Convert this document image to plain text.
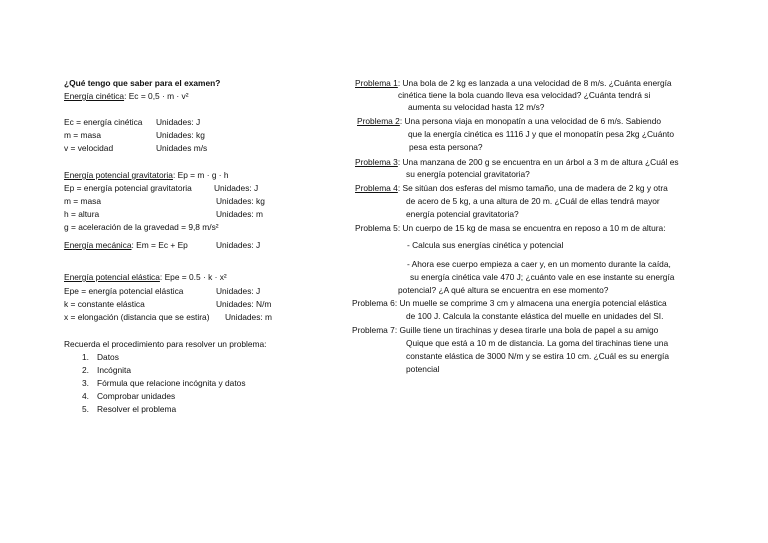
¿Qué tengo que saber para el examen?
Energía cinética: Ec = 0,5 · m · v²
Ec = energía cinética Unidades: J
m = masa	Unidades: kg
v = velocidad	Unidades m/s
Energía potencial gravitatoria: Ep = m · g · h
Ep = energía potencial gravitatoria	Unidades: J
m = masa	Unidades: kg
h = altura	Unidades: m
g = aceleración de la gravedad = 9,8 m/s²
Energía mecánica: Em = Ec + Ep	Unidades: J
Energía potencial elástica: Epe = 0.5 · k · x²
Epe = energía potencial elástica	Unidades: J
k = constante elástica	Unidades: N/m
x = elongación (distancia que se estira) Unidades: m
Recuerda el procedimiento para resolver un problema:
1. Datos
2. Incógnita
3. Fórmula que relacione incógnita y datos
4. Comprobar unidades
5. Resolver el problema
Problema 1: Una bola de 2 kg es lanzada a una velocidad de 8 m/s. ¿Cuánta energía
cinética tiene la bola cuando lleva esa velocidad? ¿Cuánta tendrá si
aumenta su velocidad hasta 12 m/s?
Problema 2: Una persona viaja en monopatín a una velocidad de 6 m/s. Sabiendo
que la energía cinética es 1116 J y que el monopatín pesa 2kg ¿Cuánto
pesa esta persona?
Problema 3: Una manzana de 200 g se encuentra en un árbol a 3 m de altura ¿Cuál es
su energía potencial gravitatoria?
Problema 4: Se sitúan dos esferas del mismo tamaño, una de madera de 2 kg y otra
de acero de 5 kg, a una altura de 20 m. ¿Cuál de ellas tendrá mayor
energía potencial gravitatoria?
Problema 5: Un cuerpo de 15 kg de masa se encuentra en reposo a 10 m de altura:
- Calcula sus energías cinética y potencial
- Ahora ese cuerpo empieza a caer y, en un momento durante la caída,
su energía cinética vale 470 J; ¿cuánto vale en ese instante su energía
potencial? ¿A qué altura se encuentra en ese momento?
Problema 6: Un muelle se comprime 3 cm y almacena una energía potencial elástica
de 100 J. Calcula la constante elástica del muelle en unidades del SI.
Problema 7: Guille tiene un tirachinas y desea tirarle una bola de papel a su amigo
Quique que está a 10 m de distancia. La goma del tirachinas tiene una
constante elástica de 3000 N/m y se estira 10 cm. ¿Cuál es su energía
potencial
